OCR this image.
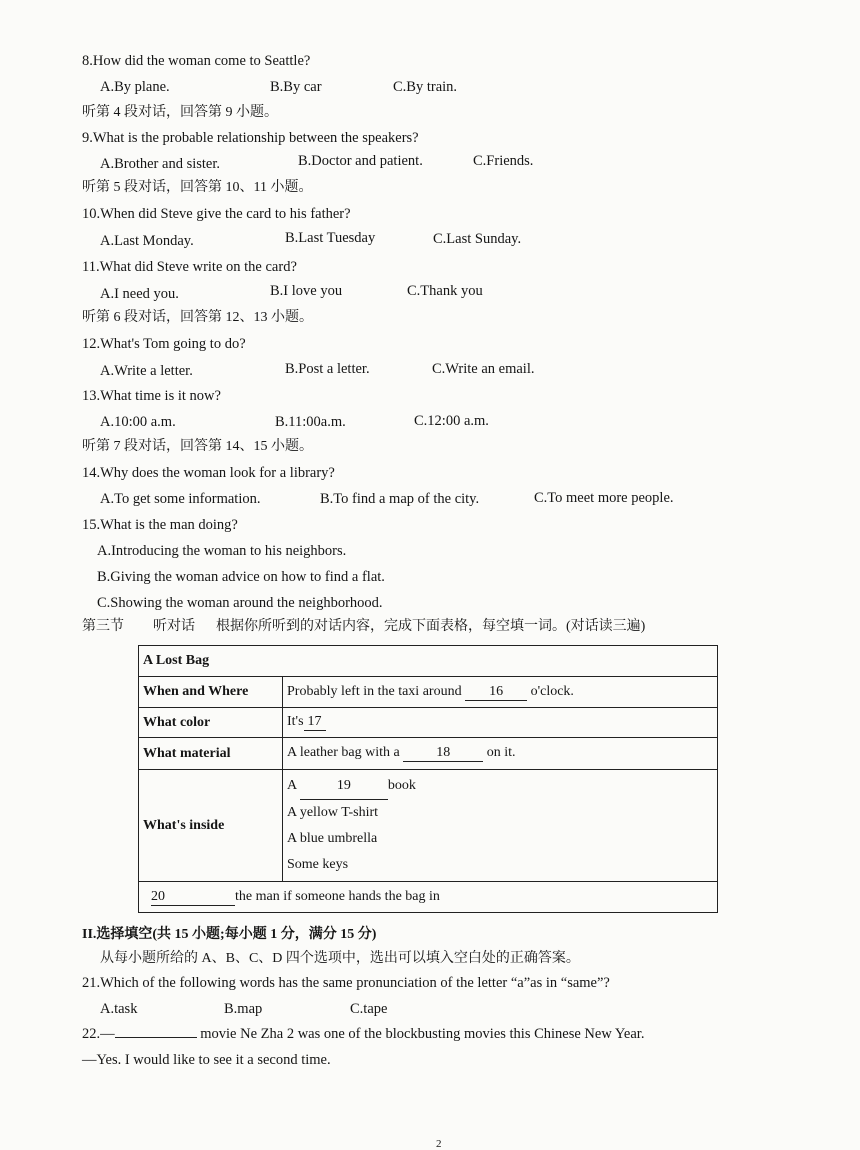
8.How did the woman come to Seattle?
A.By plane.	B.By car	C.By train.
听第 4 段对话，回答第 9 小题。
9.What is the probable relationship between the speakers?
A.Brother and sister.	B.Doctor and patient.	C.Friends.
听第 5 段对话，回答第 10、11 小题。
10.When did Steve give the card to his father?
A.Last Monday.	B.Last Tuesday	C.Last Sunday.
11.What did Steve write on the card?
A.I need you.	B.I love you	C.Thank you
听第 6 段对话，回答第 12、13 小题。
12.What's Tom going to do?
A.Write a letter.	B.Post a letter.	C.Write an email.
13.What time is it now?
A.10:00 a.m.	B.11:00a.m.	C.12:00 a.m.
听第 7 段对话，回答第 14、15 小题。
14.Why does the woman look for a library?
A.To get some information.	B.To find a map of the city.	C.To meet more people.
15.What is the man doing?
A.Introducing the woman to his neighbors.
B.Giving the woman advice on how to find a flat.
C.Showing the woman around the neighborhood.
第三节 听对话 根据你所听到的对话内容，完成下面表格，每空填一词。(对话读三遍)
A Lost Bag	
When and Where	Probably left in the taxi around 16 o'clock.
What color	It's 17
What material	A leather bag with a 18 on it.
What's inside	A 19 book
A yellow T-shirt
A blue umbrella
Some keys

20 the man if someone hands the bag in	
II.选择填空(共 15 小题;每小题 1 分，满分 15 分)
从每小题所给的 A、B、C、D 四个选项中，选出可以填入空白处的正确答案。
21.Which of the following words has the same pronunciation of the letter “a”as in “same”?
A.task	B.map	C.tape
22.—	movie Ne Zha 2 was one of the blockbusting movies this Chinese New Year.
—Yes. I would like to see it a second time.
2
